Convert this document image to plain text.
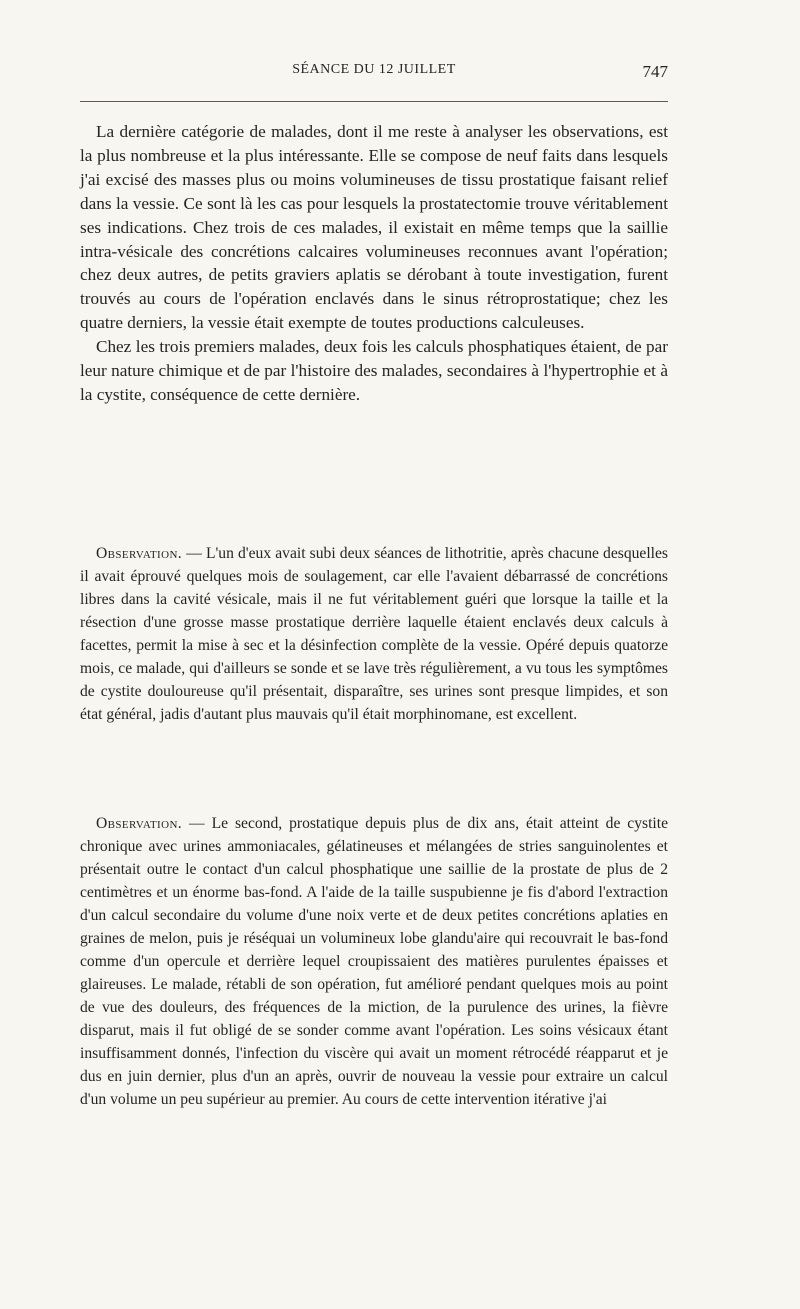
SÉANCE DU 12 JUILLET	747

La dernière catégorie de malades, dont il me reste à analyser les observations, est la plus nombreuse et la plus intéressante. Elle se compose de neuf faits dans lesquels j'ai excisé des masses plus ou moins volumineuses de tissu prostatique faisant relief dans la vessie. Ce sont là les cas pour lesquels la prostatectomie trouve véritablement ses indications. Chez trois de ces malades, il existait en même temps que la saillie intra-vésicale des concrétions calcaires volumineuses reconnues avant l'opération; chez deux autres, de petits graviers aplatis se dérobant à toute investigation, furent trouvés au cours de l'opération enclavés dans le sinus rétroprostatique; chez les quatre derniers, la vessie était exempte de toutes productions calculeuses.

Chez les trois premiers malades, deux fois les calculs phosphatiques étaient, de par leur nature chimique et de par l'histoire des malades, secondaires à l'hypertrophie et à la cystite, conséquence de cette dernière.

Observation. — L'un d'eux avait subi deux séances de lithotritie, après chacune desquelles il avait éprouvé quelques mois de soulagement, car elle l'avaient débarrassé de concrétions libres dans la cavité vésicale, mais il ne fut véritablement guéri que lorsque la taille et la résection d'une grosse masse prostatique derrière laquelle étaient enclavés deux calculs à facettes, permit la mise à sec et la désinfection complète de la vessie. Opéré depuis quatorze mois, ce malade, qui d'ailleurs se sonde et se lave très régulièrement, a vu tous les symptômes de cystite douloureuse qu'il présentait, disparaître, ses urines sont presque limpides, et son état général, jadis d'autant plus mauvais qu'il était morphinomane, est excellent.

Observation. — Le second, prostatique depuis plus de dix ans, était atteint de cystite chronique avec urines ammoniacales, gélatineuses et mélangées de stries sanguinolentes et présentait outre le contact d'un calcul phosphatique une saillie de la prostate de plus de 2 centimètres et un énorme bas-fond. A l'aide de la taille suspubienne je fis d'abord l'extraction d'un calcul secondaire du volume d'une noix verte et de deux petites concrétions aplaties en graines de melon, puis je réséquai un volumineux lobe glandu'aire qui recouvrait le bas-fond comme d'un opercule et derrière lequel croupissaient des matières purulentes épaisses et glaireuses. Le malade, rétabli de son opération, fut amélioré pendant quelques mois au point de vue des douleurs, des fréquences de la miction, de la purulence des urines, la fièvre disparut, mais il fut obligé de se sonder comme avant l'opération. Les soins vésicaux étant insuffisamment donnés, l'infection du viscère qui avait un moment rétrocédé réapparut et je dus en juin dernier, plus d'un an après, ouvrir de nouveau la vessie pour extraire un calcul d'un volume un peu supérieur au premier. Au cours de cette intervention itérative j'ai
